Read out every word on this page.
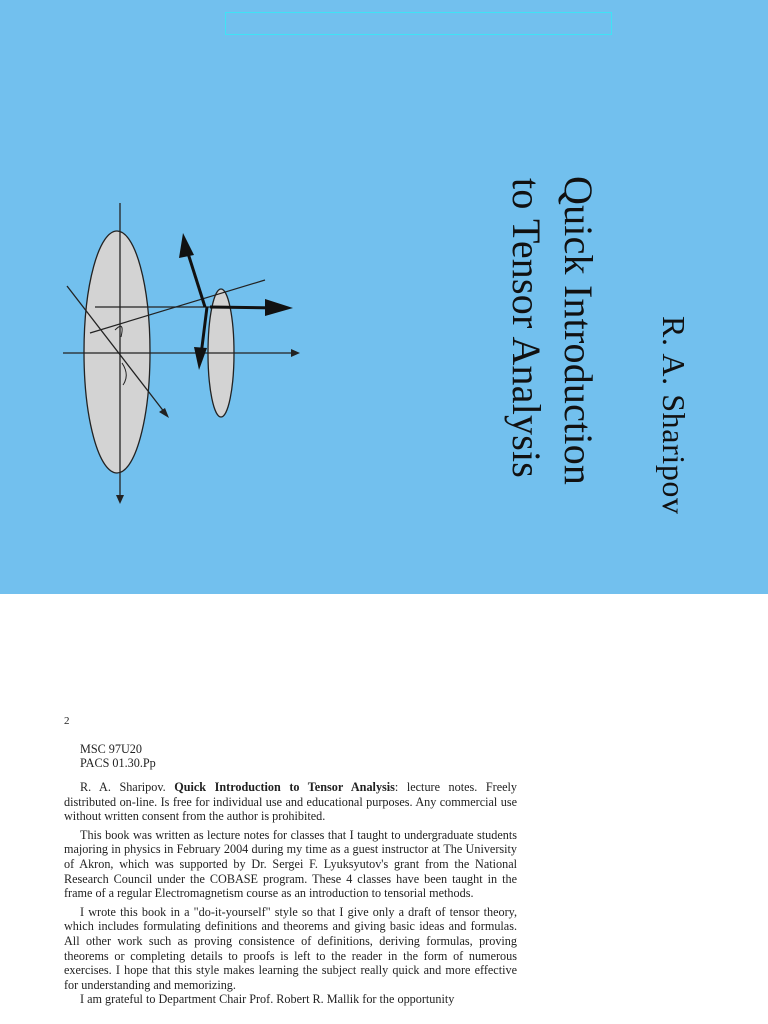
Quick Introduction
to Tensor Analysis	R. A. Sharipov
2
MSC 97U20
PACS 01.30.Pp

R. A. Sharipov. Quick Introduction to Tensor Analysis: lecture notes. Freely distributed on-line. Is free for individual use and educational purposes. Any commercial use without written consent from the author is prohibited.

This book was written as lecture notes for classes that I taught to undergraduate students majoring in physics in February 2004 during my time as a guest instructor at The University of Akron, which was supported by Dr. Sergei F. Lyuksyutov's grant from the National Research Council under the COBASE program. These 4 classes have been taught in the frame of a regular Electromagnetism course as an introduction to tensorial methods.

I wrote this book in a "do-it-yourself" style so that I give only a draft of tensor theory, which includes formulating definitions and theorems and giving basic ideas and formulas. All other work such as proving consistence of definitions, deriving formulas, proving theorems or completing details to proofs is left to the reader in the form of numerous exercises. I hope that this style makes learning the subject really quick and more effective for understanding and memorizing.

I am grateful to Department Chair Prof. Robert R. Mallik for the opportunity
